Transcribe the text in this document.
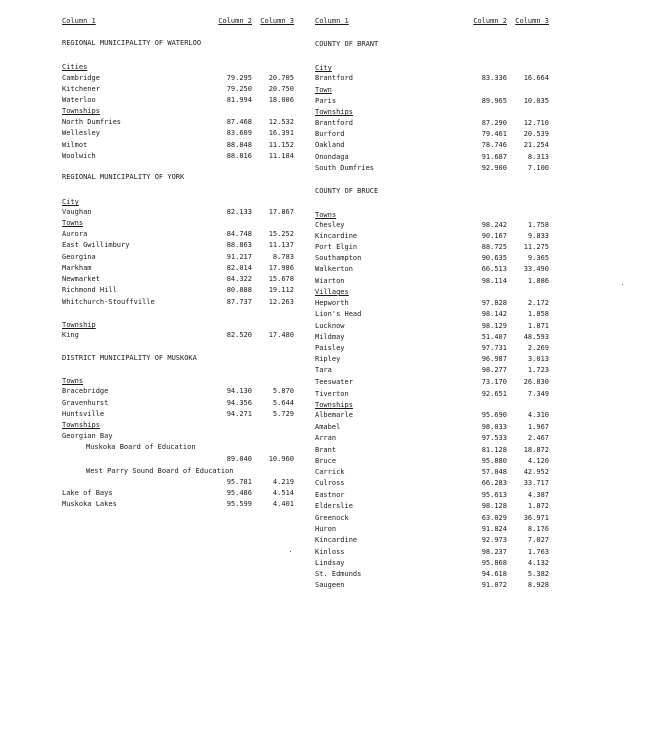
Column 1	Column 2	Column 3
REGIONAL MUNICIPALITY OF WATERLOO
Cities
Cambridge	79.295	20.705
Kitchener	79.250	20.750
Waterloo	81.994	18.006
Townships
North Dumfries	87.468	12.532
Wellesley	83.609	16.391
Wilmot	88.848	11.152
Woolwich	88.816	11.184
REGIONAL MUNICIPALITY OF YORK
City
Vaughan	82.133	17.867
Towns
Aurora	84.748	15.252
East Gwillimbury	88.863	11.137
Georgina	91.217	8.783
Markham	82.014	17.986
Newmarket	84.322	15.678
Richmond Hill	80.888	19.112
Whitchurch-Stouffville	87.737	12.263
Township
King	82.520	17.480
DISTRICT MUNICIPALITY OF MUSKOKA
Towns
Bracebridge	94.130	5.870
Gravenhurst	94.356	5.644
Huntsville	94.271	5.729
Townships
Georgian Bay
Muskoka Board of Education
89.040	10.960
West Parry Sound Board of Education
95.781	4.219
Lake of Bays	95.486	4.514
Muskoka Lakes	95.599	4.401
Column 1	Column 2	Column 3
COUNTY OF BRANT
City
Brantford	83.336	16.664
Town
Paris	89.965	10.035
Townships
Brantford	87.290	12.710
Burford	79.461	20.539
Oakland	78.746	21.254
Onondaga	91.687	8.313
South Dumfries	92.900	7.100
COUNTY OF BRUCE
Towns
Chesley	98.242	1.758
Kincardine	90.167	9.833
Port Elgin	88.725	11.275
Southampton	90.635	9.365
Walkerton	66.513	33.490
Wiarton	98.114	1.886
Villages
Hepworth	97.828	2.172
Lion's Head	98.142	1.858
Lucknow	98.129	1.871
Mildmay	51.407	48.593
Paisley	97.731	2.269
Ripley	96.987	3.013
Tara	98.277	1.723
Teeswater	73.170	26.830
Tiverton	92.651	7.349
Townships
Albemarle	95.690	4.310
Amabel	98.033	1.967
Arran	97.533	2.467
Brant	81.128	18.872
Bruce	95.880	4.120
Carrick	57.048	42.952
Culross	66.283	33.717
Eastnor	95.613	4.387
Elderslie	98.128	1.872
Greenock	63.029	36.971
Huron	91.824	8.176
Kincardine	92.973	7.027
Kinloss	98.237	1.763
Lindsay	95.868	4.132
St. Edmunds	94.618	5.382
Saugeen	91.072	8.928
